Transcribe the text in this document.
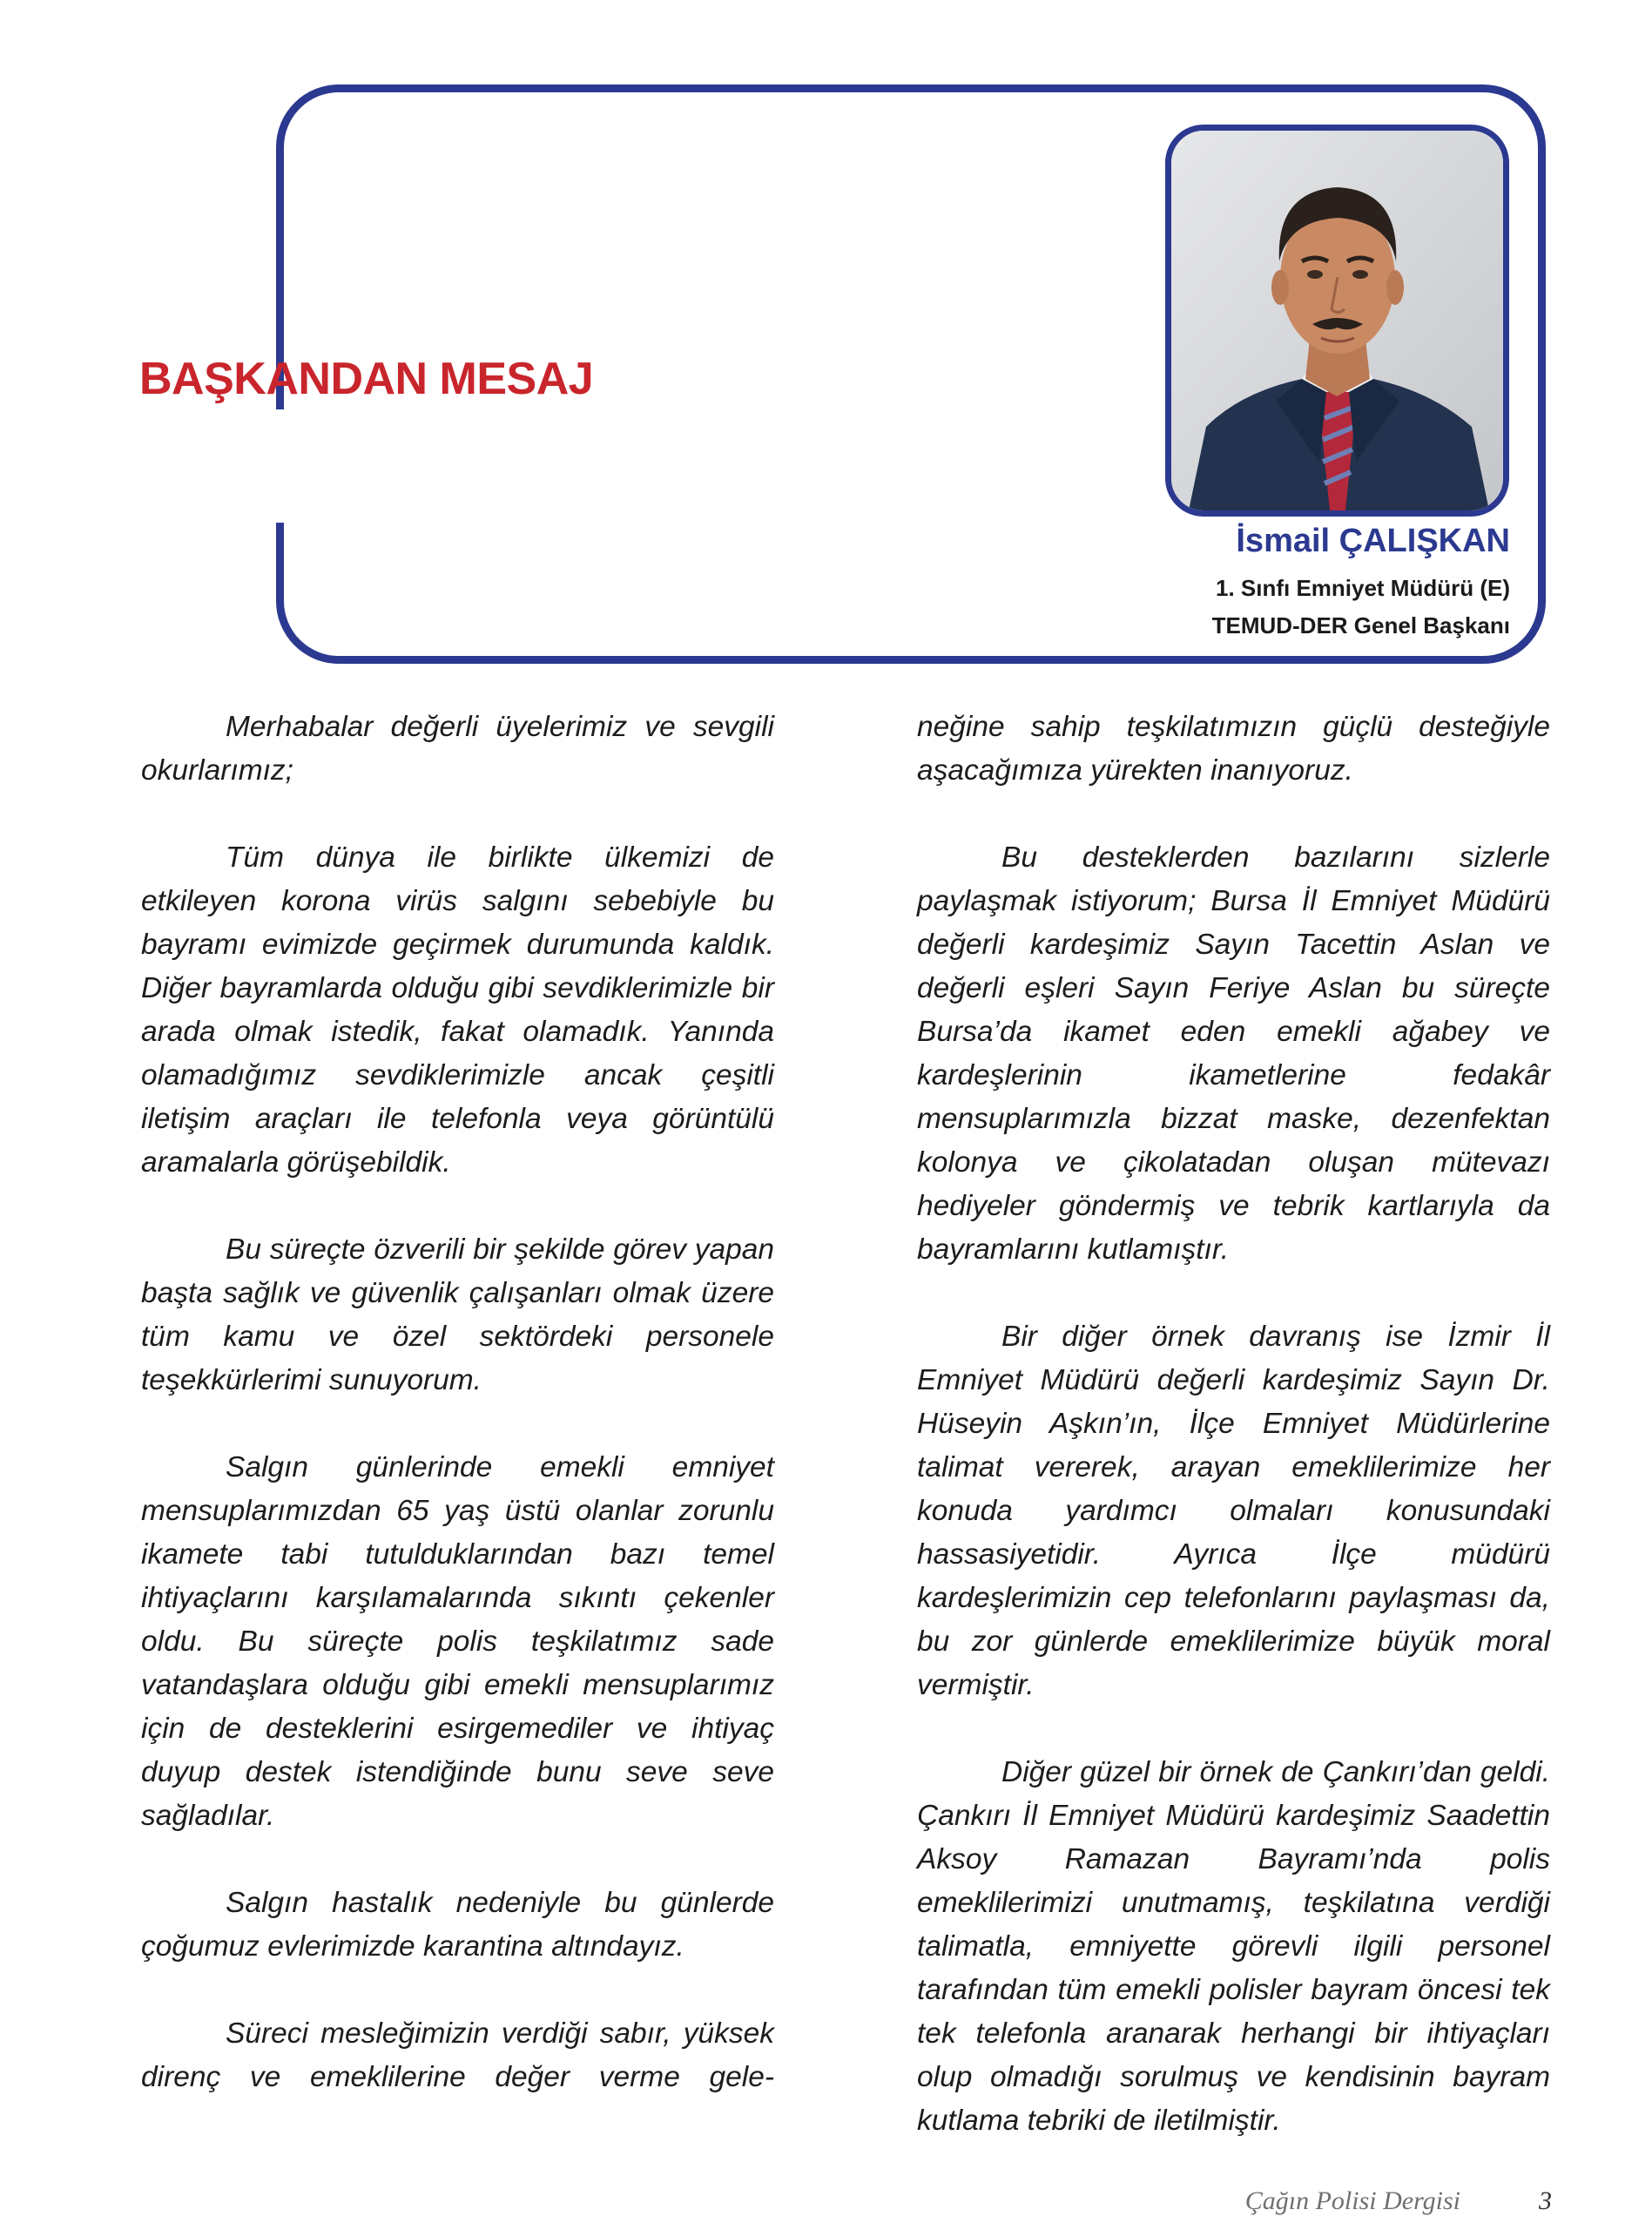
BAŞKANDAN MESAJ
İsmail ÇALIŞKAN
1. Sınfı Emniyet Müdürü (E)
TEMUD-DER Genel Başkanı

Merhabalar değerli üyelerimiz ve sevgili okurlarımız;

Tüm dünya ile birlikte ülkemizi de etkileyen korona virüs salgını sebebiyle bu bayramı evimizde geçirmek durumunda kaldık. Diğer bayramlarda olduğu gibi sevdiklerimizle bir arada olmak istedik, fakat olamadık. Yanında olamadığımız sevdiklerimizle ancak çeşitli iletişim araçları ile telefonla veya görüntülü aramalarla görüşebildik.

Bu süreçte özverili bir şekilde görev yapan başta sağlık ve güvenlik çalışanları olmak üzere tüm kamu ve özel sektördeki personele teşekkürlerimi sunuyorum.

Salgın günlerinde emekli emniyet mensuplarımızdan 65 yaş üstü olanlar zorunlu ikamete tabi tutulduklarından bazı temel ihtiyaçlarını karşılamalarında sıkıntı çekenler oldu. Bu süreçte polis teşkilatımız sade vatandaşlara olduğu gibi emekli mensuplarımız için de desteklerini esirgemediler ve ihtiyaç duyup destek istendiğinde bunu seve seve sağladılar.

Salgın hastalık nedeniyle bu günlerde çoğumuz evlerimizde karantina altındayız.

Süreci mesleğimizin verdiği sabır, yüksek direnç ve emeklilerine değer verme gele-

neğine sahip teşkilatımızın güçlü desteğiyle aşacağımıza yürekten inanıyoruz.

Bu desteklerden bazılarını sizlerle paylaşmak istiyorum; Bursa İl Emniyet Müdürü değerli kardeşimiz Sayın Tacettin Aslan ve değerli eşleri Sayın Feriye Aslan bu süreçte Bursa’da ikamet eden emekli ağabey ve kardeşlerinin ikametlerine fedakâr mensuplarımızla bizzat maske, dezenfektan kolonya ve çikolatadan oluşan mütevazı hediyeler göndermiş ve tebrik kartlarıyla da bayramlarını kutlamıştır.

Bir diğer örnek davranış ise İzmir İl Emniyet Müdürü değerli kardeşimiz Sayın Dr. Hüseyin Aşkın’ın, İlçe Emniyet Müdürlerine talimat vererek, arayan emeklilerimize her konuda yardımcı olmaları konusundaki hassasiyetidir. Ayrıca İlçe müdürü kardeşlerimizin cep telefonlarını paylaşması da, bu zor günlerde emeklilerimize büyük moral vermiştir.

Diğer güzel bir örnek de Çankırı’dan geldi. Çankırı İl Emniyet Müdürü kardeşimiz Saadettin Aksoy Ramazan Bayramı’nda polis emeklilerimizi unutmamış, teşkilatına verdiği talimatla, emniyette görevli ilgili personel tarafından tüm emekli polisler bayram öncesi tek tek telefonla aranarak herhangi bir ihtiyaçları olup olmadığı sorulmuş ve kendisinin bayram kutlama tebriki de iletilmiştir.

Çağın Polisi Dergisi	3
